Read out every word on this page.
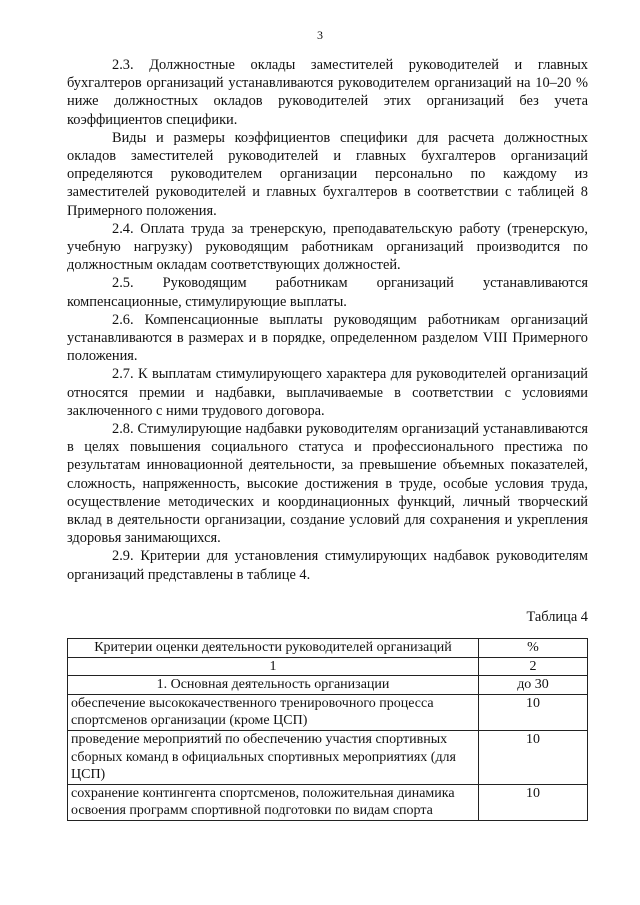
3

2.3. Должностные оклады заместителей руководителей и главных бухгалтеров организаций устанавливаются руководителем организаций на 10–20 % ниже должностных окладов руководителей этих организаций без учета коэффициентов специфики.

Виды и размеры коэффициентов специфики для расчета должностных окладов заместителей руководителей и главных бухгалтеров организаций определяются руководителем организации персонально по каждому из заместителей руководителей и главных бухгалтеров в соответствии с таблицей 8 Примерного положения.

2.4. Оплата труда за тренерскую, преподавательскую работу (тренерскую, учебную нагрузку) руководящим работникам организаций производится по должностным окладам соответствующих должностей.

2.5. Руководящим работникам организаций устанавливаются компенсационные, стимулирующие выплаты.

2.6. Компенсационные выплаты руководящим работникам организаций устанавливаются в размерах и в порядке, определенном разделом VIII Примерного положения.

2.7. К выплатам стимулирующего характера для руководителей организаций относятся премии и надбавки, выплачиваемые в соответствии с условиями заключенного с ними трудового договора.

2.8. Стимулирующие надбавки руководителям организаций устанавливаются в целях повышения социального статуса и профессионального престижа по результатам инновационной деятельности, за превышение объемных показателей, сложность, напряженность, высокие достижения в труде, особые условия труда, осуществление методических и координационных функций, личный творческий вклад в деятельности организации, создание условий для сохранения и укрепления здоровья занимающихся.

2.9. Критерии для установления стимулирующих надбавок руководителям организаций представлены в таблице 4.

Таблица 4
Критерии оценки деятельности руководителей организаций	%
1	2
1. Основная деятельность организации	до 30
обеспечение высококачественного тренировочного процесса спортсменов организации (кроме ЦСП)	10
проведение мероприятий по обеспечению участия спортивных сборных команд в официальных спортивных мероприятиях (для ЦСП)	10
сохранение контингента спортсменов, положительная динамика освоения программ спортивной подготовки по видам спорта	10
